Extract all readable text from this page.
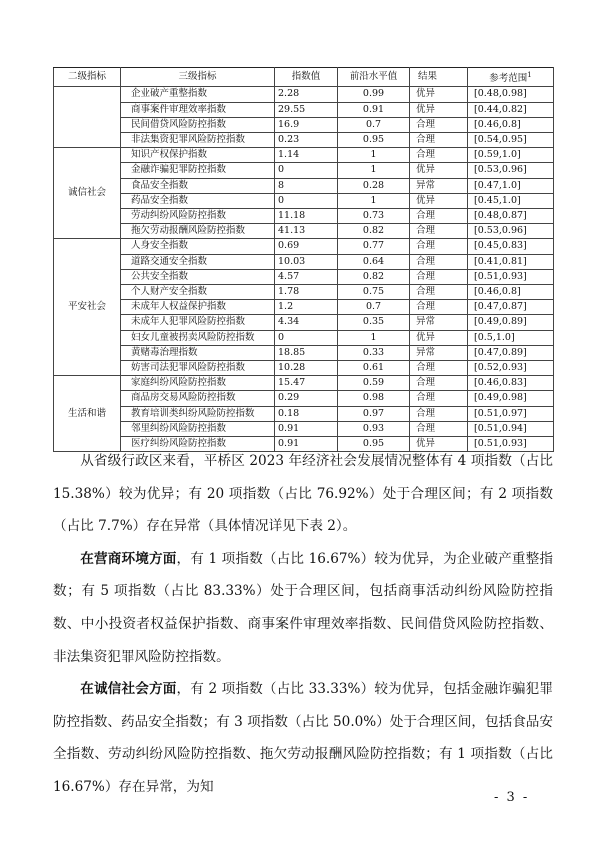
二级指标	三级指标	指数值	前沿水平值	结果	参考范围$^1$
	企业破产重整指数	2.28	0.99	优异	[0.48,0.98]
	商事案件审理效率指数	29.55	0.91	优异	[0.44,0.82]
	民间借贷风险防控指数	16.9	0.7	合理	[0.46,0.8]
	非法集资犯罪风险防控指数	0.23	0.95	合理	[0.54,0.95]
诚信社会	知识产权保护指数	1.14	1	合理	[0.59,1.0]
	金融诈骗犯罪防控指数	0	1	优异	[0.53,0.96]
	食品安全指数	8	0.28	异常	[0.47,1.0]
	药品安全指数	0	1	优异	[0.45,1.0]
	劳动纠纷风险防控指数	11.18	0.73	合理	[0.48,0.87]
	拖欠劳动报酬风险防控指数	41.13	0.82	合理	[0.53,0.96]
平安社会	人身安全指数	0.69	0.77	合理	[0.45,0.83]
	道路交通安全指数	10.03	0.64	合理	[0.41,0.81]
	公共安全指数	4.57	0.82	合理	[0.51,0.93]
	个人财产安全指数	1.78	0.75	合理	[0.46,0.8]
	未成年人权益保护指数	1.2	0.7	合理	[0.47,0.87]
	未成年人犯罪风险防控指数	4.34	0.35	异常	[0.49,0.89]
	妇女儿童被拐卖风险防控指数	0	1	优异	[0.5,1.0]
	黄赌毒治理指数	18.85	0.33	异常	[0.47,0.89]
	妨害司法犯罪风险防控指数	10.28	0.61	合理	[0.52,0.93]
生活和谐	家庭纠纷风险防控指数	15.47	0.59	合理	[0.46,0.83]
	商品房交易风险防控指数	0.29	0.98	合理	[0.49,0.98]
	教育培训类纠纷风险防控指数	0.18	0.97	合理	[0.51,0.97]
	邻里纠纷风险防控指数	0.91	0.93	合理	[0.51,0.94]
	医疗纠纷风险防控指数	0.91	0.95	优异	[0.51,0.93]

从省级行政区来看，平桥区 2023 年经济社会发展情况整体有 4 项指数（占比 15.38%）较为优异；有 20 项指数（占比 76.92%）处于合理区间；有 2 项指数（占比 7.7%）存在异常（具体情况详见下表 2）。

在营商环境方面，有 1 项指数（占比 16.67%）较为优异，为企业破产重整指数；有 5 项指数（占比 83.33%）处于合理区间，包括商事活动纠纷风险防控指数、中小投资者权益保护指数、商事案件审理效率指数、民间借贷风险防控指数、非法集资犯罪风险防控指数。

在诚信社会方面，有 2 项指数（占比 33.33%）较为优异，包括金融诈骗犯罪防控指数、药品安全指数；有 3 项指数（占比 50.0%）处于合理区间，包括食品安全指数、劳动纠纷风险防控指数、拖欠劳动报酬风险防控指数；有 1 项指数（占比 16.67%）存在异常，为知

- 3 -
